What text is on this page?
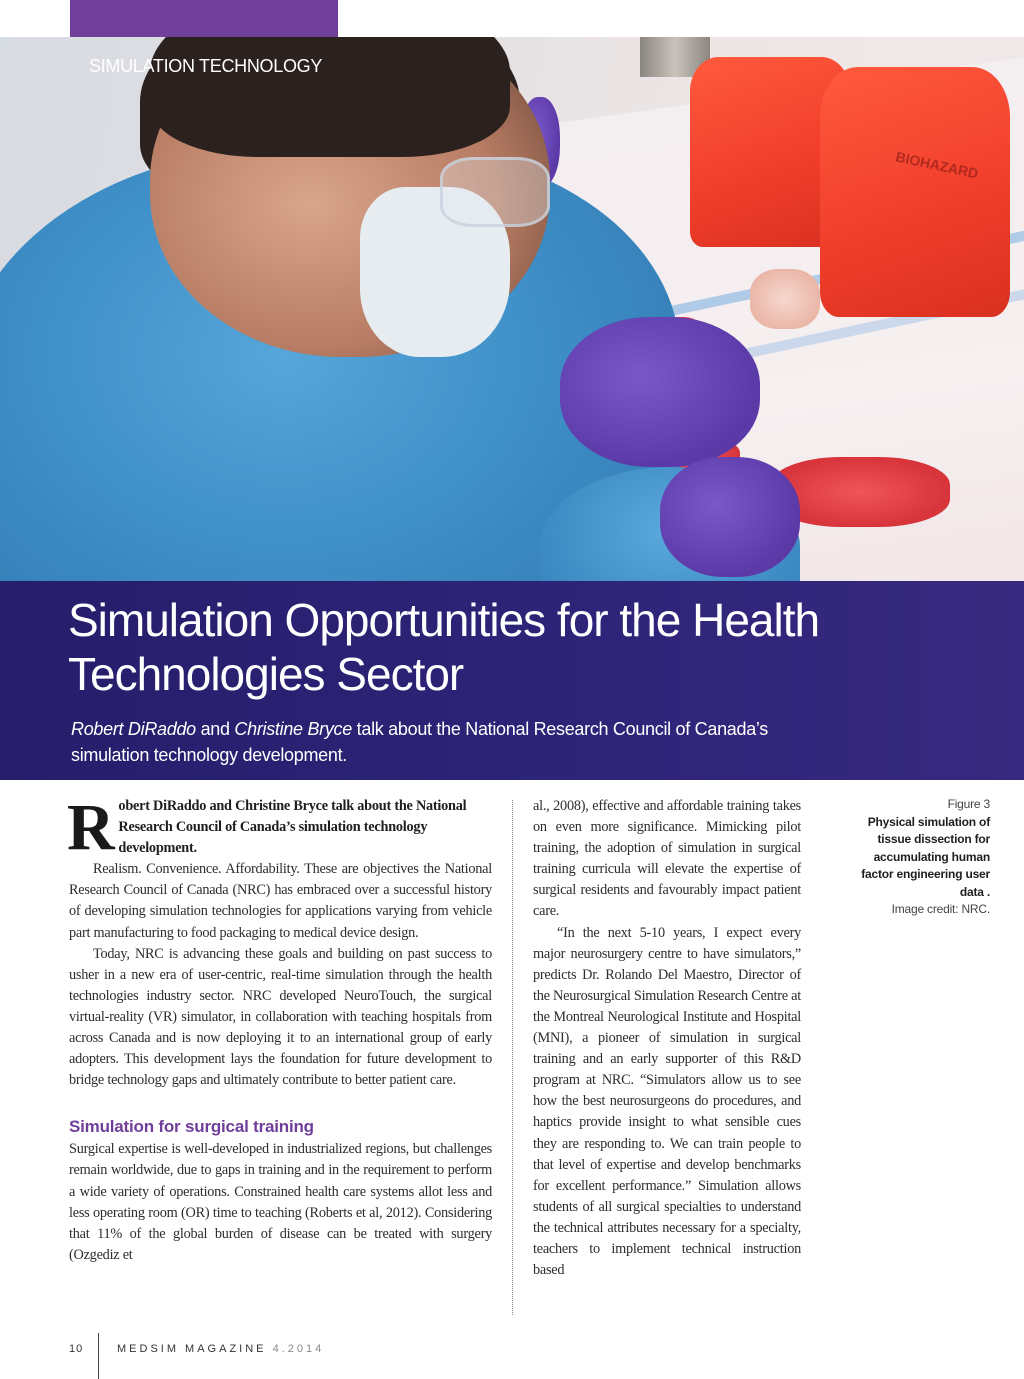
BIOHAZARD
SIMULATION TECHNOLOGY
Simulation Opportunities for the Health Technologies Sector

Robert DiRaddo and Christine Bryce talk about the National Research Council of Canada’s simulation technology development.

R obert DiRaddo and Christine Bryce talk about the National Research Council of Canada’s simulation technology development.

Realism. Convenience. Affordability. These are objectives the National Research Council of Canada (NRC) has embraced over a successful history of developing simulation technologies for applications varying from vehicle part manufacturing to food packaging to medical device design.

Today, NRC is advancing these goals and building on past success to usher in a new era of user-centric, real-time simulation through the health technologies industry sector. NRC developed NeuroTouch, the surgical virtual-reality (VR) simulator, in collaboration with teaching hospitals from across Canada and is now deploying it to an international group of early adopters. This development lays the foundation for future development to bridge technology gaps and ultimately contribute to better patient care.

Simulation for surgical training

Surgical expertise is well-developed in industrialized regions, but challenges remain worldwide, due to gaps in training and in the requirement to perform a wide variety of operations. Constrained health care systems allot less and less operating room (OR) time to teaching (Roberts et al, 2012). Considering that 11% of the global burden of disease can be treated with surgery (Ozgediz et

al., 2008), effective and affordable training takes on even more significance. Mimicking pilot training, the adoption of simulation in surgical training curricula will elevate the expertise of surgical residents and favourably impact patient care.

“In the next 5-10 years, I expect every major neurosurgery centre to have simulators,” predicts Dr. Rolando Del Maestro, Director of the Neurosurgical Simulation Research Centre at the Montreal Neurological Institute and Hospital (MNI), a pioneer of simulation in surgical training and an early supporter of this R&D program at NRC. “Simulators allow us to see how the best neurosurgeons do procedures, and haptics provide insight to what sensible cues they are responding to. We can train people to that level of expertise and develop benchmarks for excellent performance.” Simulation allows students of all surgical specialties to understand the technical attributes necessary for a specialty, teachers to implement technical instruction based

Figure 3
Physical simulation of tissue dissection for accumulating human factor engineering user data .
Image credit: NRC.
10	MEDSIM MAGAZINE 4.2014
